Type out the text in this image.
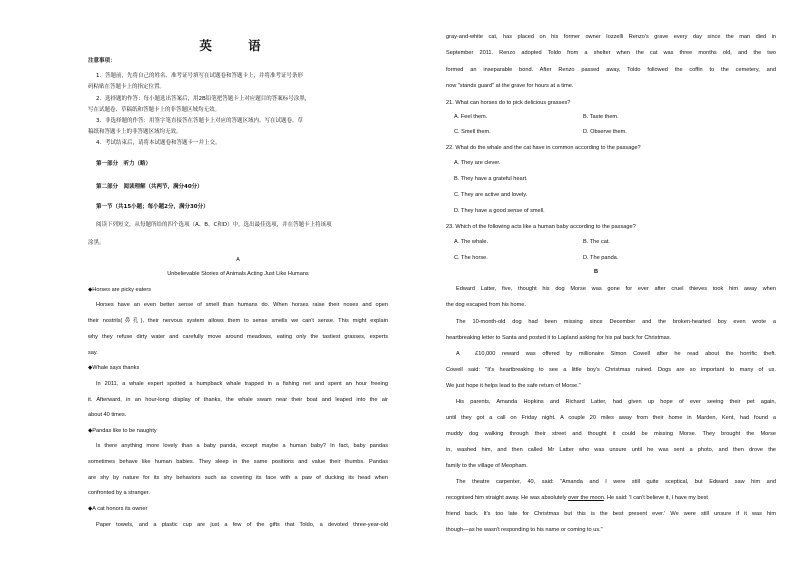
英 语
注意事项：
1．答题前，先将自己的姓名、准考证号填写在试题卷和答题卡上，并将准考证号条形
码粘贴在答题卡上的指定位置。
2．选择题的作答：每小题选出答案后，用2B铅笔把答题卡上对应题目的答案标号涂黑，
写在试题卷、草稿纸和答题卡上的非答题区域均无效。
3．非选择题的作答：用签字笔直接答在答题卡上对应的答题区域内。写在试题卷、草
稿纸和答题卡上的非答题区域均无效。
4．考试结束后，请将本试题卷和答题卡一并上交。
第一部分　听力（略）
第二部分　阅读理解（共两节，满分40分）
第一节（共15小题；每小题2分，满分30分）
阅读下列短文，从每题所给的四个选项（A、B、C和D）中，选出最佳选项，并在答题卡上将该项
涂黑。
A
Unbelievable Stories of Animals Acting Just Like Humans
◆Horses are picky eaters
Horses have an even better sense of smell than humans do. When horses raise their noses and open
their nostrils(鼻孔), their nervous system allows them to sense smells we can't sense. This might explain
why they refuse dirty water and carefully move around meadows, eating only the tastiest grasses, experts
say.
◆Whale says thanks
In 2011, a whale expert spotted a humpback whale trapped in a fishing net and spent an hour freeing
it. Afterward, in an hour-long display of thanks, the whale swam near their boat and leaped into the air
about 40 times.
◆Pandas like to be naughty
Is there anything more lovely than a baby panda, except maybe a human baby? In fact, baby pandas
sometimes behave like human babies. They sleep in the same positions and value their thumbs. Pandas
are shy by nature for its shy behaviors such as covering its face with a paw of ducking its head when
confronted by a stranger.
◆A cat honors its owner
Paper towels, and a plastic cup are just a few of the gifts that Toldo, a devoted three-year-old
gray-and-white cat, has placed on his former owner Iozzelli Renzo's grave every day since the man died in
September 2011. Renzo adopted Toldo from a shelter when the cat was three months old, and the two
formed an inseparable bond. After Renzo passed away, Toldo followed the coffin to the cemetery, and
now "stands guard" at the grave for hours at a time.
21. What can horses do to pick delicious grasses?
A. Feel them.	B. Taste them.
C. Smell them.	D. Observe them.
22. What do the whale and the cat have in common according to the passage?
A. They are clever.
B. They have a grateful heart.
C. They are active and lovely.
D. They have a good sense of smell.
23. Which of the following acts like a human baby according to the passage?
A. The whale.	B. The cat.
C. The horse.	D. The panda.
B
Edward Latter, five, thought his dog Morse was gone for ever after cruel thieves took him away when
the dog escaped from his home.
The 10-month-old dog had been missing since December and the broken-hearted boy even wrote a
heartbreaking letter to Santa and posted it to Lapland asking for his pal back for Christmas.
A　£10,000 reward was offered by millionaire Simon Cowell after he read about the horrific theft.
Cowell said: "It's heartbreaking to see a little boy's Christmas ruined. Dogs are so important to many of us.
We just hope it helps lead to the safe return of Morse."
His parents, Amanda Hopkins and Richard Latter, had given up hope of ever seeing their pet again,
until they got a call on Friday night. A couple 20 miles away from their home in Marden, Kent, had found a
muddy dog walking through their street and thought it could be missing Morse. They brought the Morse
in, washed him, and then called Mr Latter who was unsure until he was sent a photo, and then drove the
family to the village of Meopham.
The theatre carpenter, 40, said: "Amanda and I were still quite sceptical, but Edward saw him and
recognised him straight away. He was absolutely over the moon. He said: 'I can't believe it, I have my best
friend back. It's too late for Christmas but this is the best present ever.' We were still unsure if it was him
though—as he wasn't responding to his name or coming to us."
